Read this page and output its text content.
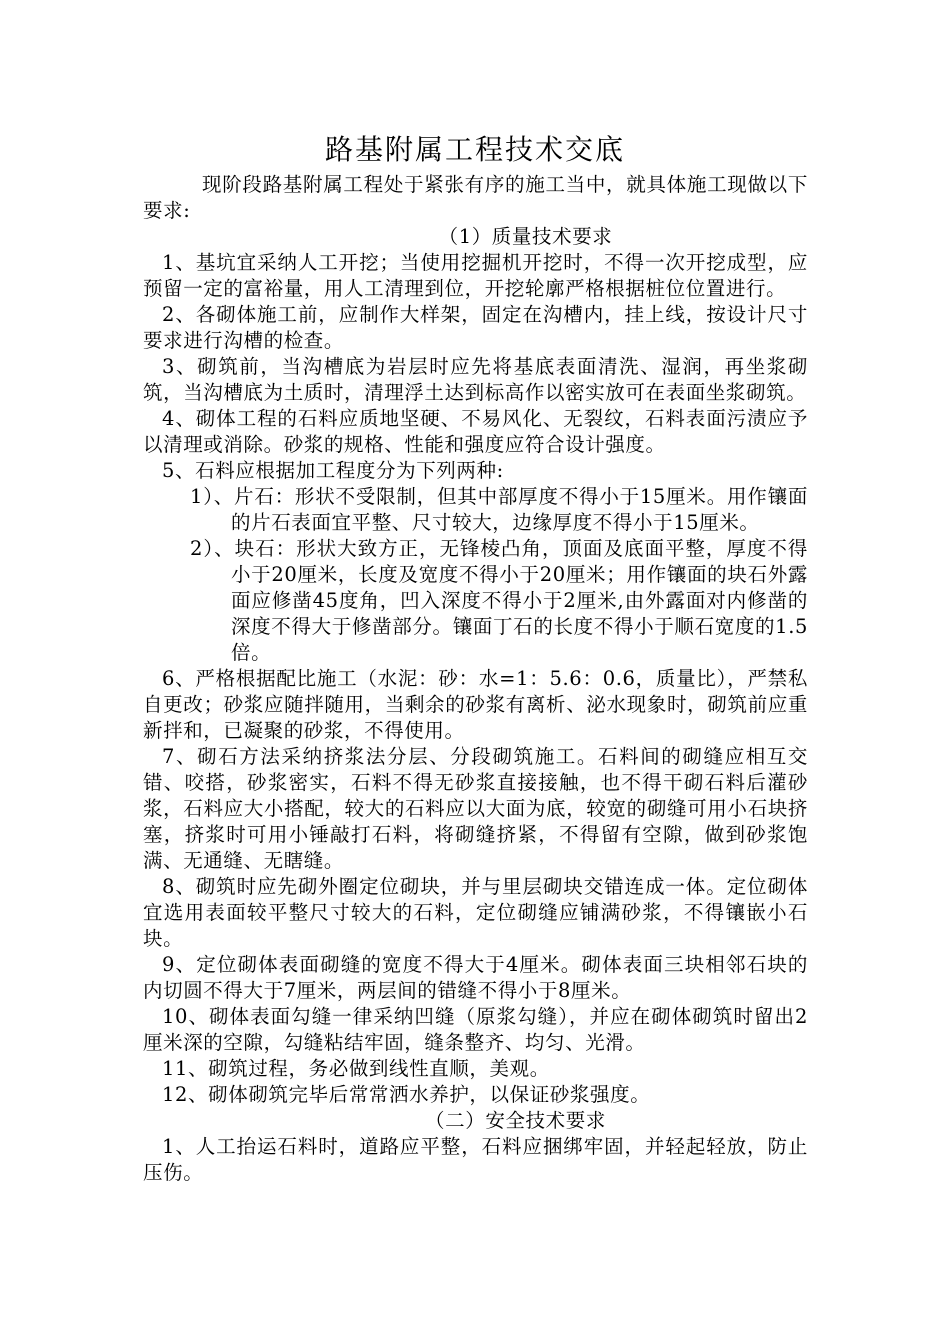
路基附属工程技术交底

现阶段路基附属工程处于紧张有序的施工当中，就具体施工现做以下要求:

（1）质量技术要求

1、基坑宜采纳人工开挖；当使用挖掘机开挖时，不得一次开挖成型，应预留一定的富裕量，用人工清理到位，开挖轮廓严格根据桩位位置进行。

2、各砌体施工前，应制作大样架，固定在沟槽内，挂上线，按设计尺寸要求进行沟槽的检查。

3、砌筑前，当沟槽底为岩层时应先将基底表面清洗、湿润，再坐浆砌筑，当沟槽底为土质时，清理浮土达到标高作以密实放可在表面坐浆砌筑。

4、砌体工程的石料应质地坚硬、不易风化、无裂纹，石料表面污渍应予以清理或消除。砂浆的规格、性能和强度应符合设计强度。

5、石料应根据加工程度分为下列两种:

1）、片石：形状不受限制，但其中部厚度不得小于15厘米。用作镶面的片石表面宜平整、尺寸较大，边缘厚度不得小于15厘米。

2）、块石：形状大致方正，无锋棱凸角，顶面及底面平整，厚度不得小于20厘米，长度及宽度不得小于20厘米；用作镶面的块石外露面应修凿45度角，凹入深度不得小于2厘米,由外露面对内修凿的深度不得大于修凿部分。镶面丁石的长度不得小于顺石宽度的1.5倍。

6、严格根据配比施工（水泥：砂：水=1：5.6：0.6，质量比），严禁私自更改；砂浆应随拌随用，当剩余的砂浆有离析、泌水现象时，砌筑前应重新拌和，已凝聚的砂浆，不得使用。

7、砌石方法采纳挤浆法分层、分段砌筑施工。石料间的砌缝应相互交错、咬搭，砂浆密实，石料不得无砂浆直接接触，也不得干砌石料后灌砂浆，石料应大小搭配，较大的石料应以大面为底，较宽的砌缝可用小石块挤塞，挤浆时可用小锤敲打石料，将砌缝挤紧，不得留有空隙，做到砂浆饱满、无通缝、无瞎缝。

8、砌筑时应先砌外圈定位砌块，并与里层砌块交错连成一体。定位砌体宜选用表面较平整尺寸较大的石料，定位砌缝应铺满砂浆，不得镶嵌小石块。

9、定位砌体表面砌缝的宽度不得大于4厘米。砌体表面三块相邻石块的内切圆不得大于7厘米，两层间的错缝不得小于8厘米。

10、砌体表面勾缝一律采纳凹缝（原浆勾缝），并应在砌体砌筑时留出2厘米深的空隙，勾缝粘结牢固，缝条整齐、均匀、光滑。

11、砌筑过程，务必做到线性直顺，美观。

12、砌体砌筑完毕后常常洒水养护，以保证砂浆强度。

（二）安全技术要求

1、人工抬运石料时，道路应平整，石料应捆绑牢固，并轻起轻放，防止压伤。
